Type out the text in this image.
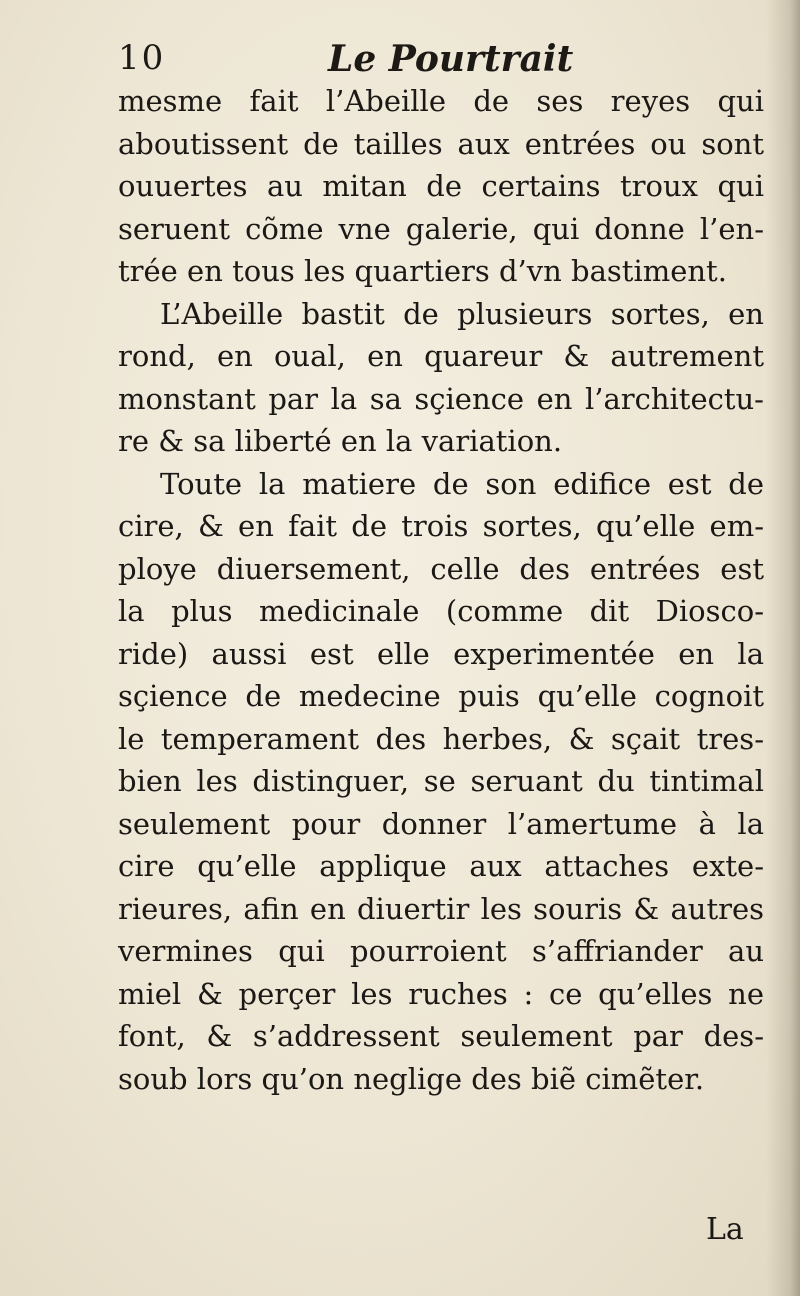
10	Le Pourtrait
mesme fait l’Abeille de ses reyes qui
aboutissent de tailles aux entrées ou sont
ouuertes au mitan de certains troux qui
seruent cõme vne galerie, qui donne l’en-
trée en tous les quartiers d’vn bastiment.
L’Abeille bastit de plusieurs sortes, en
rond, en oual, en quareur & autrement
monstant par la sa sçience en l’architectu-
re & sa liberté en la variation.
Toute la matiere de son edifice est de
cire, & en fait de trois sortes, qu’elle em-
ploye diuersement, celle des entrées est
la plus medicinale (comme dit Diosco-
ride) aussi est elle experimentée en la
sçience de medecine puis qu’elle cognoit
le temperament des herbes, & sçait tres-
bien les distinguer, se seruant du tintimal
seulement pour donner l’amertume à la
cire qu’elle applique aux attaches exte-
rieures, afin en diuertir les souris & autres
vermines qui pourroient s’affriander au
miel & perçer les ruches : ce qu’elles ne
font, & s’addressent seulement par des-
soub lors qu’on neglige des biẽ cimẽter.
La
